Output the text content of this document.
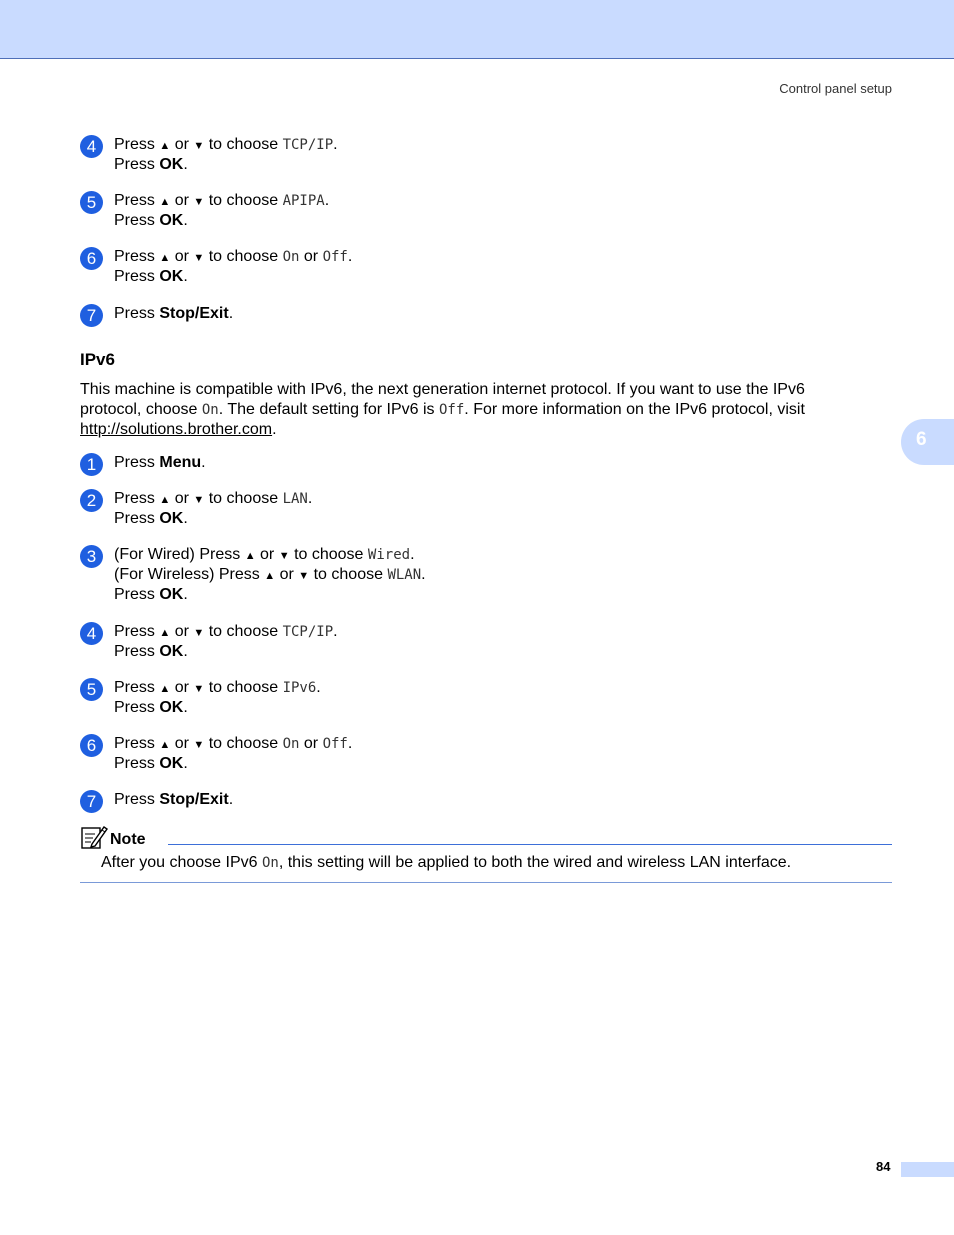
Control panel setup
6
4	Press ▲ or ▼ to choose TCP/IP.
Press OK.
5	Press ▲ or ▼ to choose APIPA.
Press OK.
6	Press ▲ or ▼ to choose On or Off.
Press OK.
7	Press Stop/Exit.
IPv6
This machine is compatible with IPv6, the next generation internet protocol. If you want to use the IPv6
protocol, choose On. The default setting for IPv6 is Off. For more information on the IPv6 protocol, visit
http://solutions.brother.com.
1	Press Menu.
2	Press ▲ or ▼ to choose LAN.
Press OK.
3	(For Wired) Press ▲ or ▼ to choose Wired.
(For Wireless) Press ▲ or ▼ to choose WLAN.
Press OK.
4	Press ▲ or ▼ to choose TCP/IP.
Press OK.
5	Press ▲ or ▼ to choose IPv6.
Press OK.
6	Press ▲ or ▼ to choose On or Off.
Press OK.
7	Press Stop/Exit.
Note
After you choose IPv6 On, this setting will be applied to both the wired and wireless LAN interface.
84
